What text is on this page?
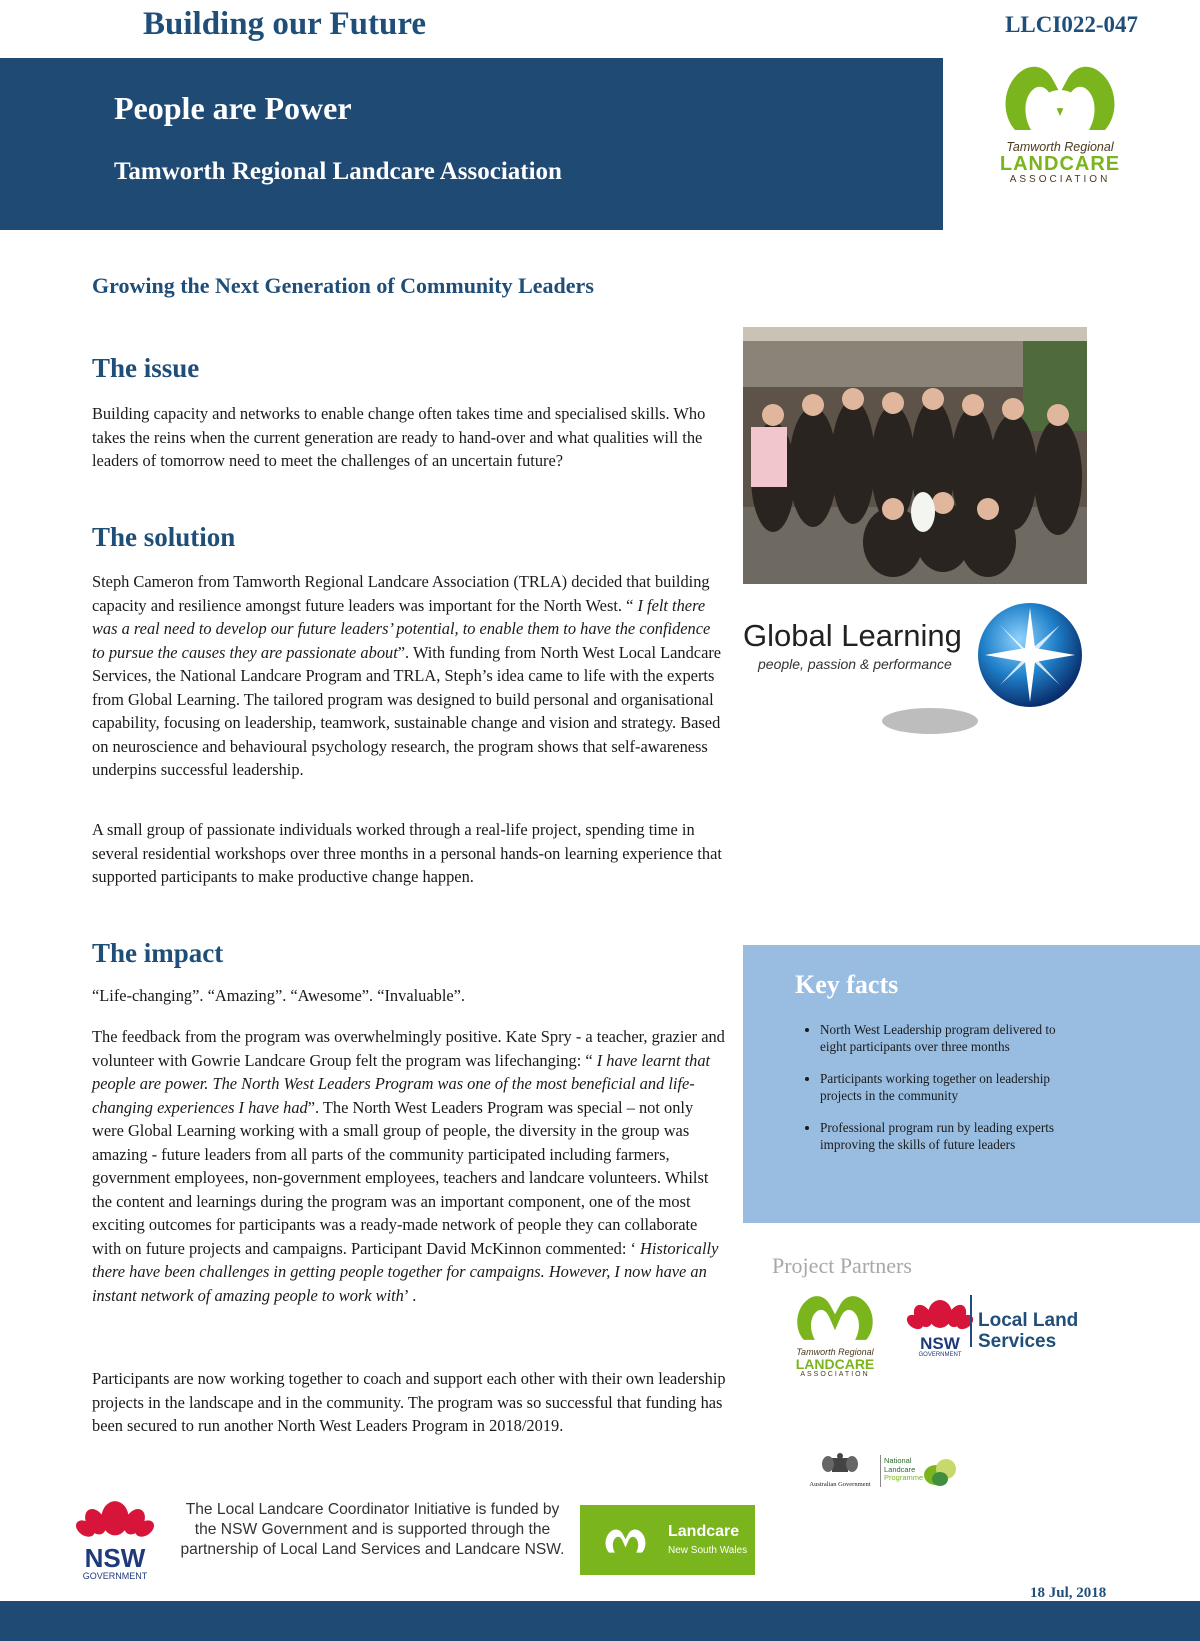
Building our Future	LLCI022-047
People are Power
Tamworth Regional Landcare Association
Tamworth Regional
LANDCARE
ASSOCIATION
Growing the Next Generation of Community Leaders
The issue

Building capacity and networks to enable change often takes time and specialised skills. Who takes the reins when the current generation are ready to hand-over and what qualities will the leaders of tomorrow need to meet the challenges of an uncertain future?

The solution

Steph Cameron from Tamworth Regional Landcare Association (TRLA) decided that building capacity and resilience amongst future leaders was important for the North West. “ I felt there was a real need to develop our future leaders’ potential, to enable them to have the confidence to pursue the causes they are passionate about”. With funding from North West Local Landcare Services, the National Landcare Program and TRLA, Steph’s idea came to life with the experts from Global Learning. The tailored program was designed to build personal and organisational capability, focusing on leadership, teamwork, sustainable change and vision and strategy. Based on neuroscience and behavioural psychology research, the program shows that self-awareness underpins successful leadership.

A small group of passionate individuals worked through a real-life project, spending time in several residential workshops over three months in a personal hands-on learning experience that supported participants to make productive change happen.

The impact

“Life-changing”. “Amazing”. “Awesome”. “Invaluable”.

The feedback from the program was overwhelmingly positive. Kate Spry - a teacher, grazier and volunteer with Gowrie Landcare Group felt the program was lifechanging: “ I have learnt that people are power. The North West Leaders Program was one of the most beneficial and life-changing experiences I have had”. The North West Leaders Program was special – not only were Global Learning working with a small group of people, the diversity in the group was amazing - future leaders from all parts of the community participated including farmers, government employees, non-government employees, teachers and landcare volunteers. Whilst the content and learnings during the program was an important component, one of the most exciting outcomes for participants was a ready-made network of people they can collaborate with on future projects and campaigns. Participant David McKinnon commented: ‘ Historically there have been challenges in getting people together for campaigns. However, I now have an instant network of amazing people to work with’ .

Participants are now working together to coach and support each other with their own leadership projects in the landscape and in the community. The program was so successful that funding has been secured to run another North West Leaders Program in 2018/2019.

Global Learning
people, passion & performance
Key facts
• North West Leadership program delivered to eight participants over three months
• Participants working together on leadership projects in the community
• Professional program run by leading experts improving the skills of future leaders
Project Partners
Tamworth Regional
LANDCARE
ASSOCIATION
NSW
GOVERNMENT
Local Land
Services
Australian Government
National
Landcare
Programme
NSW
GOVERNMENT
The Local Landcare Coordinator Initiative is funded by the NSW Government and is supported through the partnership of Local Land Services and Landcare NSW.
Landcare
New South Wales
18 Jul, 2018
